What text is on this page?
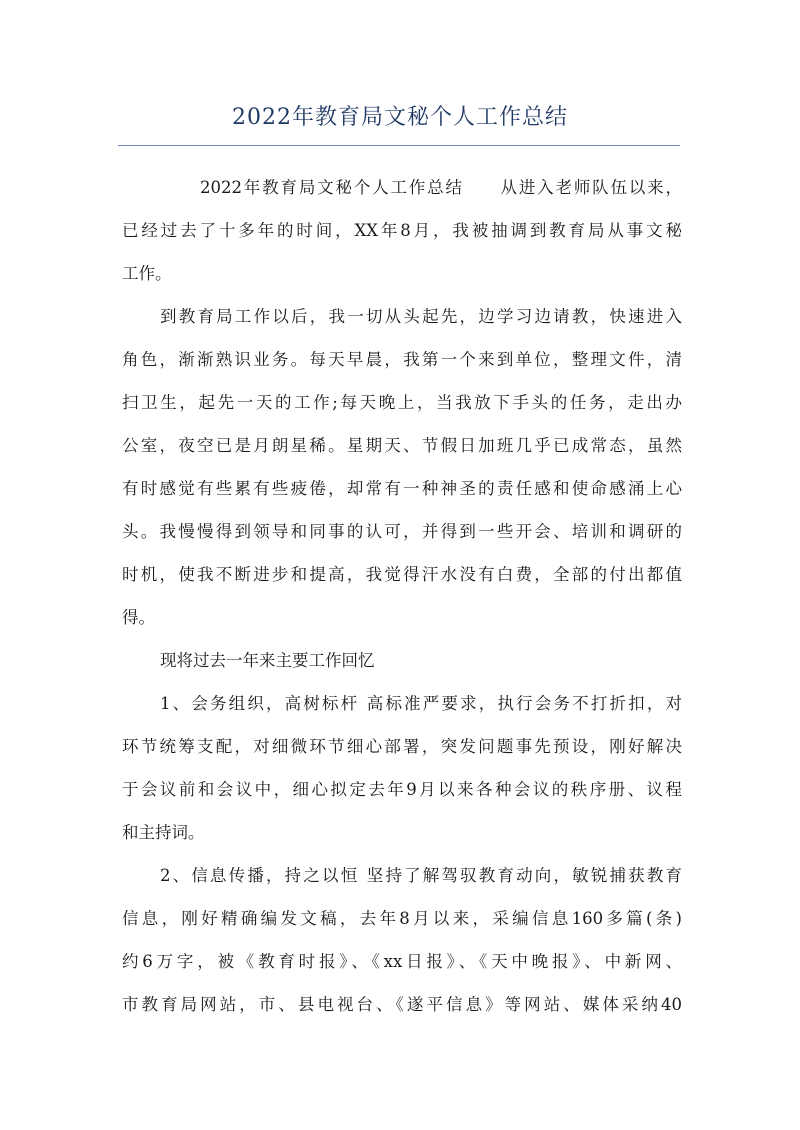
2022年教育局文秘个人工作总结
2022年教育局文秘个人工作总结　　从进入老师队伍以来，
已经过去了十多年的时间，XX年8月，我被抽调到教育局从事文秘
工作。
到教育局工作以后，我一切从头起先，边学习边请教，快速进入
角色，渐渐熟识业务。每天早晨，我第一个来到单位，整理文件，清
扫卫生，起先一天的工作;每天晚上，当我放下手头的任务，走出办
公室，夜空已是月朗星稀。星期天、节假日加班几乎已成常态，虽然
有时感觉有些累有些疲倦，却常有一种神圣的责任感和使命感涌上心
头。我慢慢得到领导和同事的认可，并得到一些开会、培训和调研的
时机，使我不断进步和提高，我觉得汗水没有白费，全部的付出都值
得。
现将过去一年来主要工作回忆
1、会务组织，高树标杆 高标准严要求，执行会务不打折扣，对
环节统筹支配，对细微环节细心部署，突发问题事先预设，刚好解决
于会议前和会议中，细心拟定去年9月以来各种会议的秩序册、议程
和主持词。
2、信息传播，持之以恒 坚持了解驾驭教育动向，敏锐捕获教育
信息，刚好精确编发文稿，去年8月以来，采编信息160多篇(条)
约6万字，被《教育时报》、《xx日报》、《天中晚报》、中新网、
市教育局网站，市、县电视台、《遂平信息》等网站、媒体采纳40
